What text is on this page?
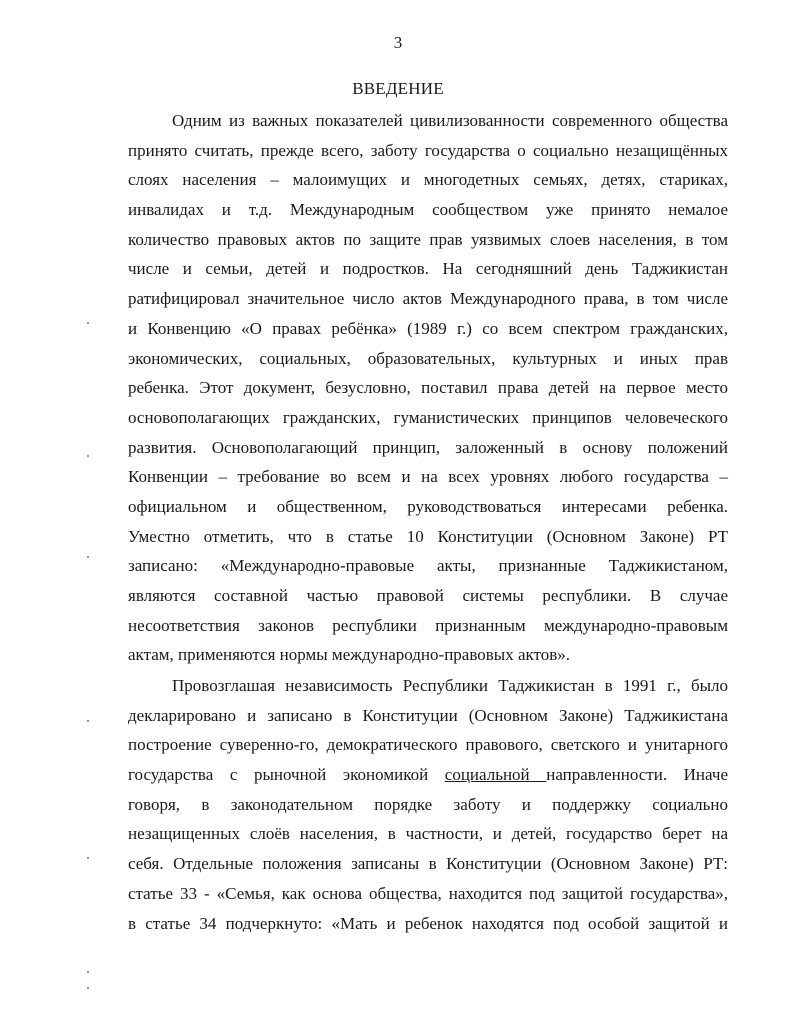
3
ВВЕДЕНИЕ
Одним из важных показателей цивилизованности современного общества
принято считать, прежде всего, заботу государства о социально незащищённых
слоях населения – малоимущих и многодетных семьях, детях, стариках,
инвалидах и т.д. Международным сообществом уже принято немалое
количество правовых актов по защите прав уязвимых слоев населения, в том
числе и семьи, детей и подростков. На сегодняшний день Таджикистан
ратифицировал значительное число актов Международного права, в том числе
и Конвенцию «О правах ребёнка» (1989 г.) со всем спектром гражданских,
экономических, социальных, образовательных, культурных и иных прав
ребенка. Этот документ, безусловно, поставил права детей на первое место
основополагающих гражданских, гуманистических принципов человеческого
развития. Основополагающий принцип, заложенный в основу положений
Конвенции – требование во всем и на всех уровнях любого государства –
официальном и общественном, руководствоваться интересами ребенка.
Уместно отметить, что в статье 10 Конституции (Основном Законе) РТ
записано: «Международно-правовые акты, признанные Таджикистаном,
являются составной частью правовой системы республики. В случае
несоответствия законов республики признанным международно-правовым
актам, применяются нормы международно-правовых актов».
Провозглашая независимость Республики Таджикистан в 1991 г., было
декларировано и записано в Конституции (Основном Законе) Таджикистана
построение суверенно-го, демократического правового, светского и унитарного
государства с рыночной экономикой социальной направленности. Иначе
говоря, в законодательном порядке заботу и поддержку социально
незащищенных слоёв населения, в частности, и детей, государство берет на
себя. Отдельные положения записаны в Конституции (Основном Законе) РТ:
статье 33 - «Семья, как основа общества, находится под защитой государства»,
в статье 34 подчеркнуто: «Мать и ребенок находятся под особой защитой и
